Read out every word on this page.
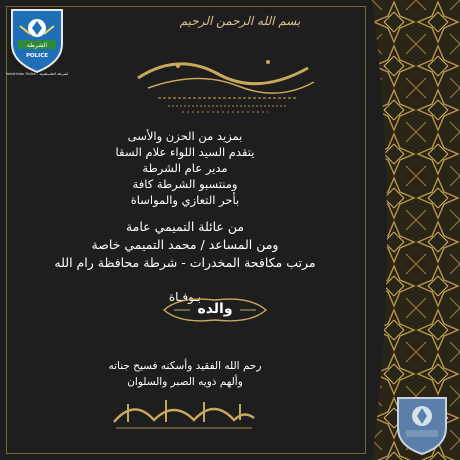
الشرطة
POLICE
Palestinian Police - الشرطة الفلسطينية
بسم الله الرحمن الرحيم
بمزيد من الحزن والأسى
يتقدم السيد اللواء علام السقا
مدير عام الشرطة
ومنتسبو الشرطة كافة
بأحر التعازي والمواساة
من عائلة التميمي عامة
ومن المساعد / محمد التميمي خاصة
مرتب مكافحة المخدرات - شرطة محافظة رام الله
بـوفـاة
والده
رحم الله الفقيد وأسكنه فسيح جناته
وألهم ذويه الصبر والسلوان
